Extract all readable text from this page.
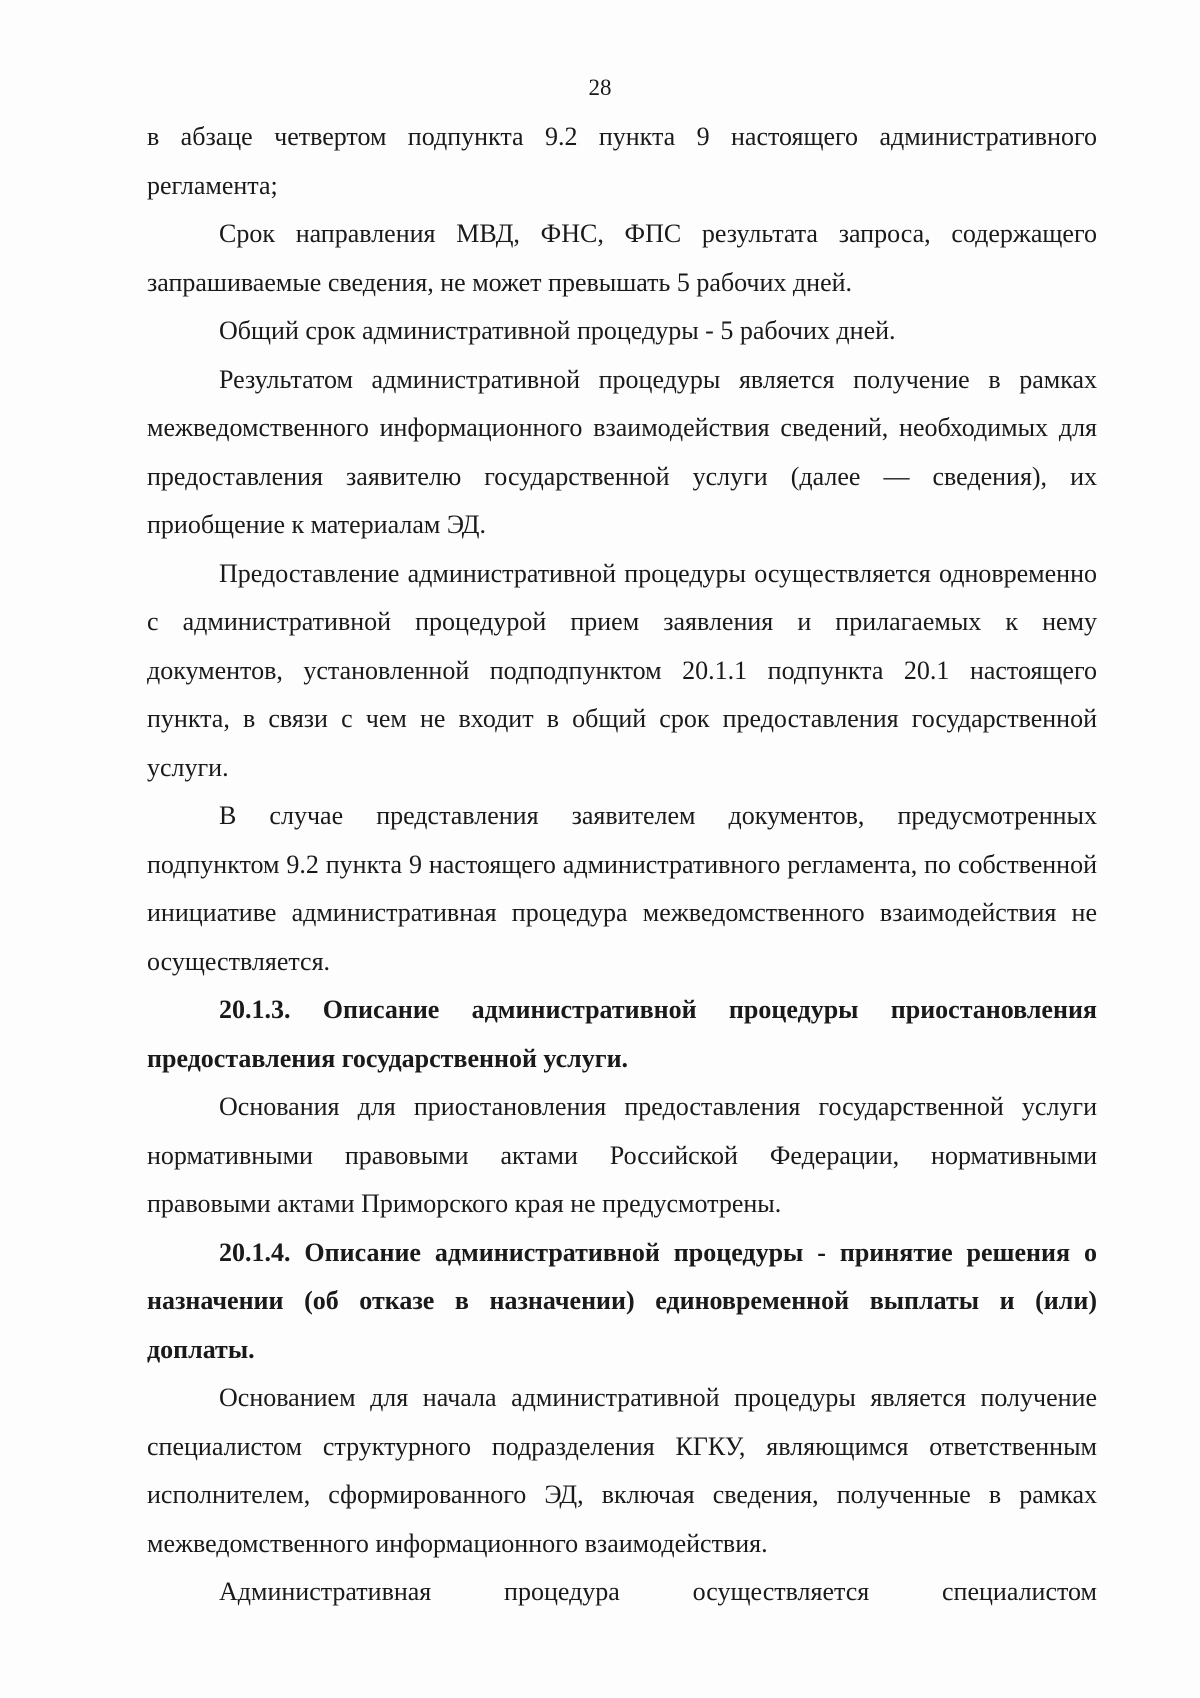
28

в абзаце четвертом подпункта 9.2 пункта 9 настоящего административного регламента;

Срок направления МВД, ФНС, ФПС результата запроса, содержащего запрашиваемые сведения, не может превышать 5 рабочих дней.

Общий срок административной процедуры - 5 рабочих дней.

Результатом административной процедуры является получение в рамках межведомственного информационного взаимодействия сведений, необходимых для предоставления заявителю государственной услуги (далее — сведения), их приобщение к материалам ЭД.

Предоставление административной процедуры осуществляется одновременно с административной процедурой прием заявления и прилагаемых к нему документов, установленной подподпунктом 20.1.1 подпункта 20.1 настоящего пункта, в связи с чем не входит в общий срок предоставления государственной услуги.

В случае представления заявителем документов, предусмотренных подпунктом 9.2 пункта 9 настоящего административного регламента, по собственной инициативе административная процедура межведомственного взаимодействия не осуществляется.

20.1.3. Описание административной процедуры приостановления предоставления государственной услуги.

Основания для приостановления предоставления государственной услуги нормативными правовыми актами Российской Федерации, нормативными правовыми актами Приморского края не предусмотрены.

20.1.4. Описание административной процедуры - принятие решения о назначении (об отказе в назначении) единовременной выплаты и (или) доплаты.

Основанием для начала административной процедуры является получение специалистом структурного подразделения КГКУ, являющимся ответственным исполнителем, сформированного ЭД, включая сведения, полученные в рамках межведомственного информационного взаимодействия.

Административная процедура осуществляется специалистом
